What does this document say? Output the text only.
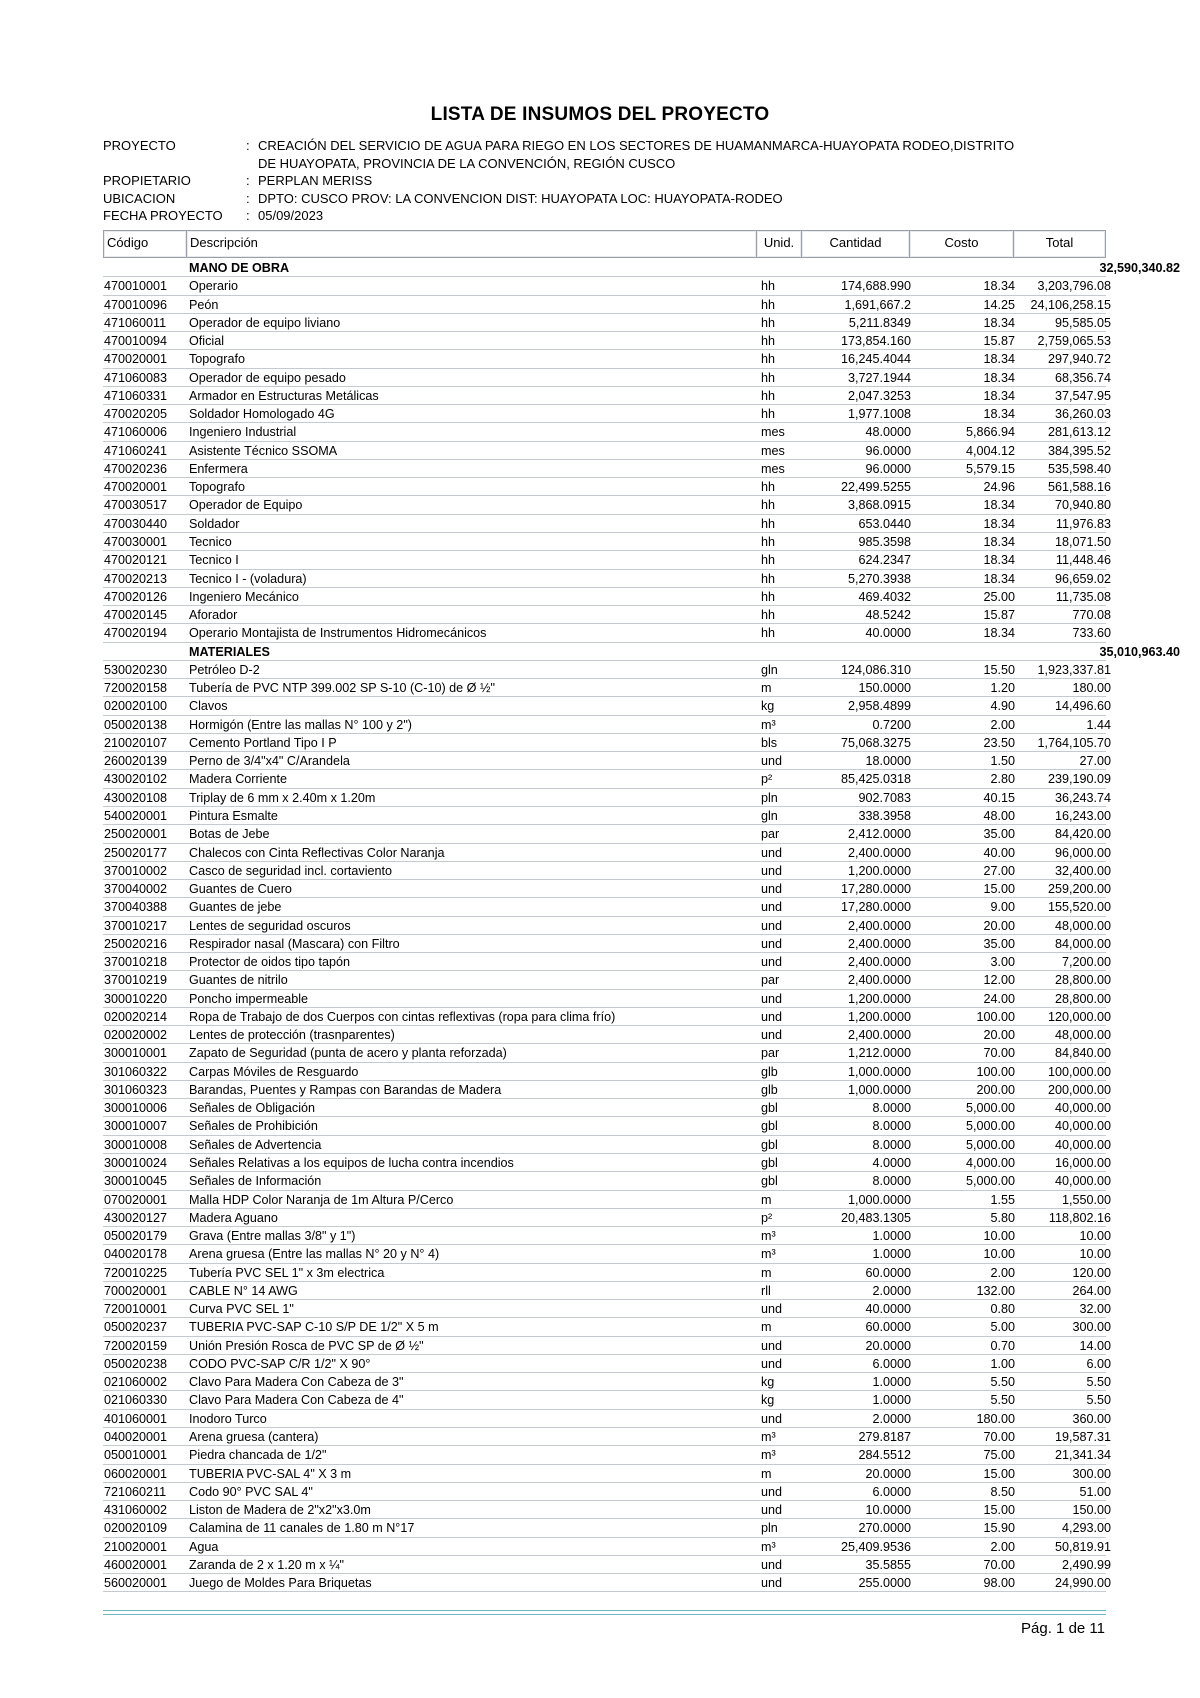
LISTA DE INSUMOS DEL PROYECTO
PROYECTO	: CREACIÓN DEL SERVICIO DE AGUA PARA RIEGO EN LOS SECTORES DE HUAMANMARCA-HUAYOPATA RODEO,DISTRITO
DE HUAYOPATA, PROVINCIA DE LA CONVENCIÓN, REGIÓN CUSCO
PROPIETARIO	: PERPLAN MERISS
UBICACION	: DPTO: CUSCO PROV: LA CONVENCION DIST: HUAYOPATA LOC: HUAYOPATA-RODEO
FECHA PROYECTO	: 05/09/2023
Código	Descripción	Unid.	Cantidad	Costo	Total
MANO DE OBRA	32,590,340.82
470010001	Operario	hh	174,688.990	18.34	3,203,796.08
470010096	Peón	hh	1,691,667.2	14.25	24,106,258.15
471060011	Operador de equipo liviano	hh	5,211.8349	18.34	95,585.05
470010094	Oficial	hh	173,854.160	15.87	2,759,065.53
470020001	Topografo	hh	16,245.4044	18.34	297,940.72
471060083	Operador de equipo pesado	hh	3,727.1944	18.34	68,356.74
471060331	Armador en Estructuras Metálicas	hh	2,047.3253	18.34	37,547.95
470020205	Soldador Homologado 4G	hh	1,977.1008	18.34	36,260.03
471060006	Ingeniero Industrial	mes	48.0000	5,866.94	281,613.12
471060241	Asistente Técnico SSOMA	mes	96.0000	4,004.12	384,395.52
470020236	Enfermera	mes	96.0000	5,579.15	535,598.40
470020001	Topografo	hh	22,499.5255	24.96	561,588.16
470030517	Operador de Equipo	hh	3,868.0915	18.34	70,940.80
470030440	Soldador	hh	653.0440	18.34	11,976.83
470030001	Tecnico	hh	985.3598	18.34	18,071.50
470020121	Tecnico I	hh	624.2347	18.34	11,448.46
470020213	Tecnico I - (voladura)	hh	5,270.3938	18.34	96,659.02
470020126	Ingeniero Mecánico	hh	469.4032	25.00	11,735.08
470020145	Aforador	hh	48.5242	15.87	770.08
470020194	Operario Montajista de Instrumentos Hidromecánicos	hh	40.0000	18.34	733.60
MATERIALES	35,010,963.40
530020230	Petróleo D-2	gln	124,086.310	15.50	1,923,337.81
720020158	Tubería de PVC NTP 399.002 SP S-10 (C-10) de Ø ½"	m	150.0000	1.20	180.00
020020100	Clavos	kg	2,958.4899	4.90	14,496.60
050020138	Hormigón (Entre las mallas N° 100 y 2")	m³	0.7200	2.00	1.44
210020107	Cemento Portland Tipo I P	bls	75,068.3275	23.50	1,764,105.70
260020139	Perno de 3/4"x4" C/Arandela	und	18.0000	1.50	27.00
430020102	Madera Corriente	p²	85,425.0318	2.80	239,190.09
430020108	Triplay de 6 mm x 2.40m x 1.20m	pln	902.7083	40.15	36,243.74
540020001	Pintura Esmalte	gln	338.3958	48.00	16,243.00
250020001	Botas de Jebe	par	2,412.0000	35.00	84,420.00
250020177	Chalecos con Cinta Reflectivas Color Naranja	und	2,400.0000	40.00	96,000.00
370010002	Casco de seguridad incl. cortaviento	und	1,200.0000	27.00	32,400.00
370040002	Guantes de Cuero	und	17,280.0000	15.00	259,200.00
370040388	Guantes de jebe	und	17,280.0000	9.00	155,520.00
370010217	Lentes de seguridad oscuros	und	2,400.0000	20.00	48,000.00
250020216	Respirador nasal (Mascara) con Filtro	und	2,400.0000	35.00	84,000.00
370010218	Protector de oidos tipo tapón	und	2,400.0000	3.00	7,200.00
370010219	Guantes de nitrilo	par	2,400.0000	12.00	28,800.00
300010220	Poncho impermeable	und	1,200.0000	24.00	28,800.00
020020214	Ropa de Trabajo de dos Cuerpos con cintas reflextivas (ropa para clima frío)	und	1,200.0000	100.00	120,000.00
020020002	Lentes de protección (trasnparentes)	und	2,400.0000	20.00	48,000.00
300010001	Zapato de Seguridad (punta de acero y planta reforzada)	par	1,212.0000	70.00	84,840.00
301060322	Carpas Móviles de Resguardo	glb	1,000.0000	100.00	100,000.00
301060323	Barandas, Puentes y Rampas con Barandas de Madera	glb	1,000.0000	200.00	200,000.00
300010006	Señales de Obligación	gbl	8.0000	5,000.00	40,000.00
300010007	Señales de Prohibición	gbl	8.0000	5,000.00	40,000.00
300010008	Señales de Advertencia	gbl	8.0000	5,000.00	40,000.00
300010024	Señales Relativas a los equipos de lucha contra incendios	gbl	4.0000	4,000.00	16,000.00
300010045	Señales de Información	gbl	8.0000	5,000.00	40,000.00
070020001	Malla HDP Color Naranja de 1m Altura P/Cerco	m	1,000.0000	1.55	1,550.00
430020127	Madera Aguano	p²	20,483.1305	5.80	118,802.16
050020179	Grava (Entre mallas 3/8" y 1")	m³	1.0000	10.00	10.00
040020178	Arena gruesa (Entre las mallas N° 20 y N° 4)	m³	1.0000	10.00	10.00
720010225	Tubería PVC SEL 1" x 3m electrica	m	60.0000	2.00	120.00
700020001	CABLE N° 14 AWG	rll	2.0000	132.00	264.00
720010001	Curva PVC SEL 1"	und	40.0000	0.80	32.00
050020237	TUBERIA PVC-SAP C-10 S/P DE 1/2" X 5 m	m	60.0000	5.00	300.00
720020159	Unión Presión Rosca de PVC SP de Ø ½"	und	20.0000	0.70	14.00
050020238	CODO PVC-SAP C/R 1/2" X 90°	und	6.0000	1.00	6.00
021060002	Clavo Para Madera Con Cabeza de 3"	kg	1.0000	5.50	5.50
021060330	Clavo Para Madera Con Cabeza de 4"	kg	1.0000	5.50	5.50
401060001	Inodoro Turco	und	2.0000	180.00	360.00
040020001	Arena gruesa (cantera)	m³	279.8187	70.00	19,587.31
050010001	Piedra chancada de 1/2"	m³	284.5512	75.00	21,341.34
060020001	TUBERIA PVC-SAL 4" X 3 m	m	20.0000	15.00	300.00
721060211	Codo 90° PVC SAL 4"	und	6.0000	8.50	51.00
431060002	Liston de Madera de 2"x2"x3.0m	und	10.0000	15.00	150.00
020020109	Calamina de 11 canales de 1.80 m N°17	pln	270.0000	15.90	4,293.00
210020001	Agua	m³	25,409.9536	2.00	50,819.91
460020001	Zaranda de 2 x 1.20 m x ¼"	und	35.5855	70.00	2,490.99
560020001	Juego de Moldes Para Briquetas	und	255.0000	98.00	24,990.00
Pág. 1 de 11
